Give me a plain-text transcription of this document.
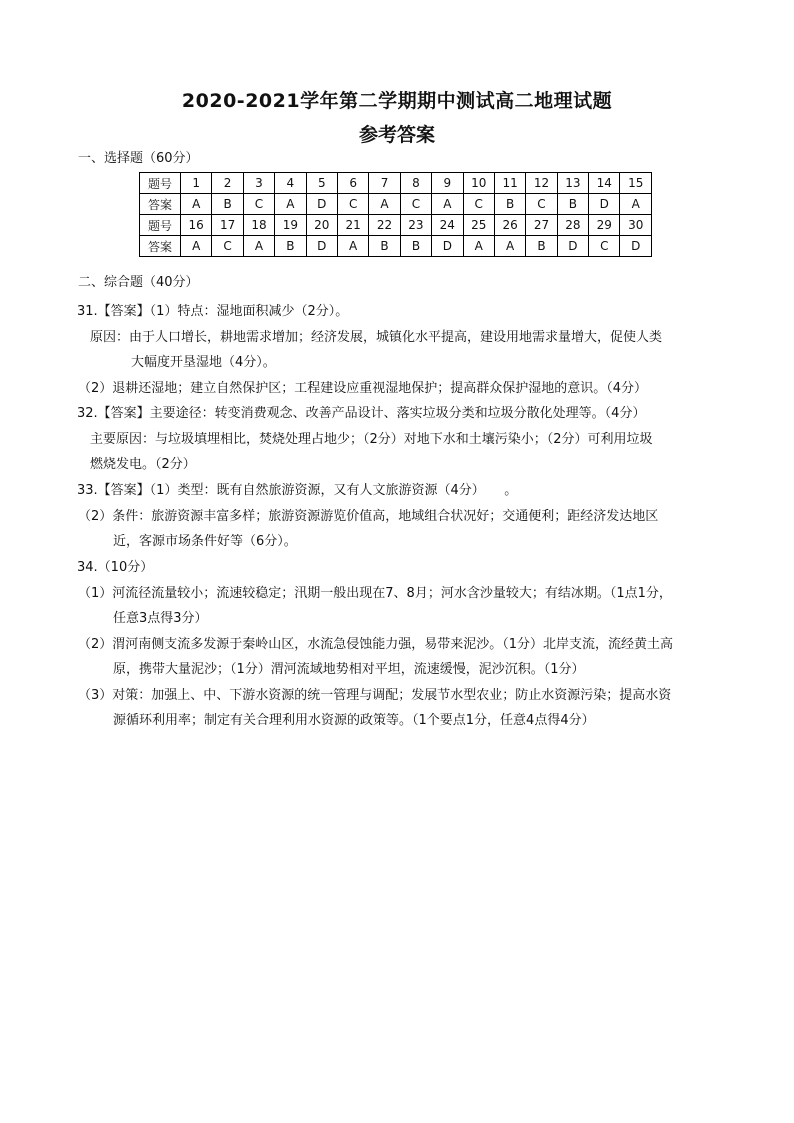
2020-2021学年第二学期期中测试高二地理试题
参考答案
一、选择题（60分）
题号	1	2	3	4	5	6	7	8	9	10	11	12	13	14	15
答案	A	B	C	A	D	C	A	C	A	C	B	C	B	D	A
题号	16	17	18	19	20	21	22	23	24	25	26	27	28	29	30
答案	A	C	A	B	D	A	B	B	D	A	A	B	D	C	D
二、综合题（40分）
31.【答案】（1）特点：湿地面积减少（2分）。
原因：由于人口增长，耕地需求增加；经济发展，城镇化水平提高，建设用地需求量增大，促使人类
大幅度开垦湿地（4分）。
（2）退耕还湿地；建立自然保护区；工程建设应重视湿地保护；提高群众保护湿地的意识。（4分）
32.【答案】主要途径：转变消费观念、改善产品设计、落实垃圾分类和垃圾分散化处理等。（4分）
主要原因：与垃圾填埋相比，焚烧处理占地少；（2分）对地下水和土壤污染小；（2分）可利用垃圾
燃烧发电。（2分）
33.【答案】（1）类型：既有自然旅游资源，又有人文旅游资源（4分）　　。
（2）条件：旅游资源丰富多样；旅游资源游览价值高，地域组合状况好；交通便利；距经济发达地区
近，客源市场条件好等（6分）。
34.（10分）
（1）河流径流量较小；流速较稳定；汛期一般出现在7、8月；河水含沙量较大；有结冰期。（1点1分，
任意3点得3分）
（2）渭河南侧支流多发源于秦岭山区，水流急侵蚀能力强，易带来泥沙。（1分）北岸支流，流经黄土高
原，携带大量泥沙；（1分）渭河流域地势相对平坦，流速缓慢，泥沙沉积。（1分）
（3）对策：加强上、中、下游水资源的统一管理与调配；发展节水型农业；防止水资源污染；提高水资
源循环利用率；制定有关合理利用水资源的政策等。（1个要点1分，任意4点得4分）
